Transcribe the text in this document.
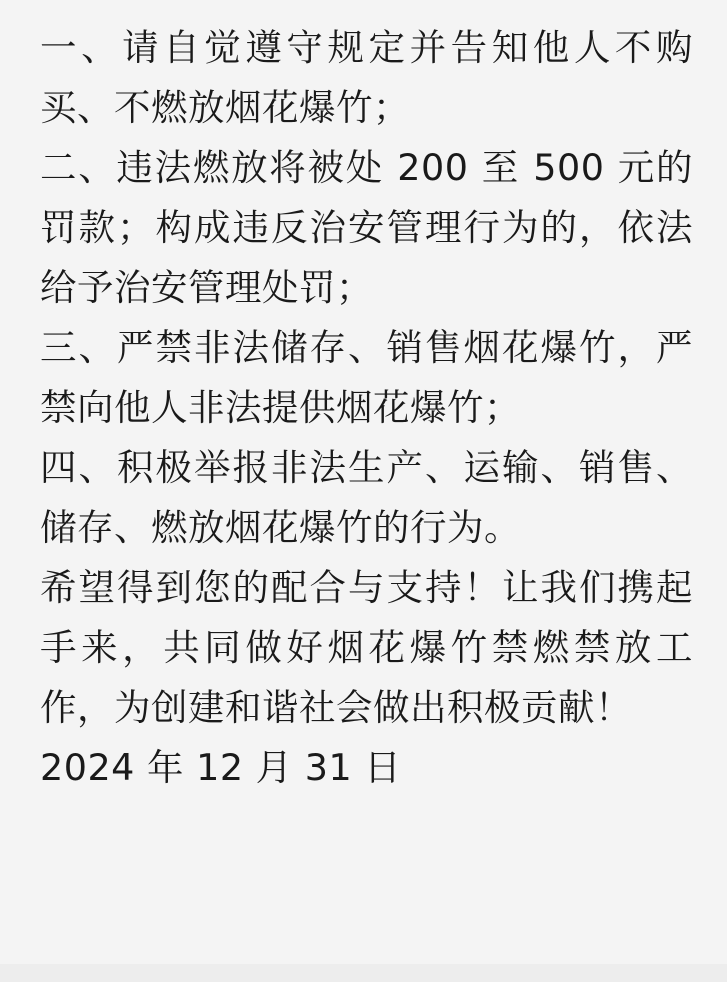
一、请自觉遵守规定并告知他人不购买、不燃放烟花爆竹；

二、违法燃放将被处 200 至 500 元的罚款；构成违反治安管理行为的，依法给予治安管理处罚；

三、严禁非法储存、销售烟花爆竹，严禁向他人非法提供烟花爆竹；

四、积极举报非法生产、运输、销售、储存、燃放烟花爆竹的行为。

希望得到您的配合与支持！让我们携起手来，共同做好烟花爆竹禁燃禁放工作，为创建和谐社会做出积极贡献！

2024 年 12 月 31 日
